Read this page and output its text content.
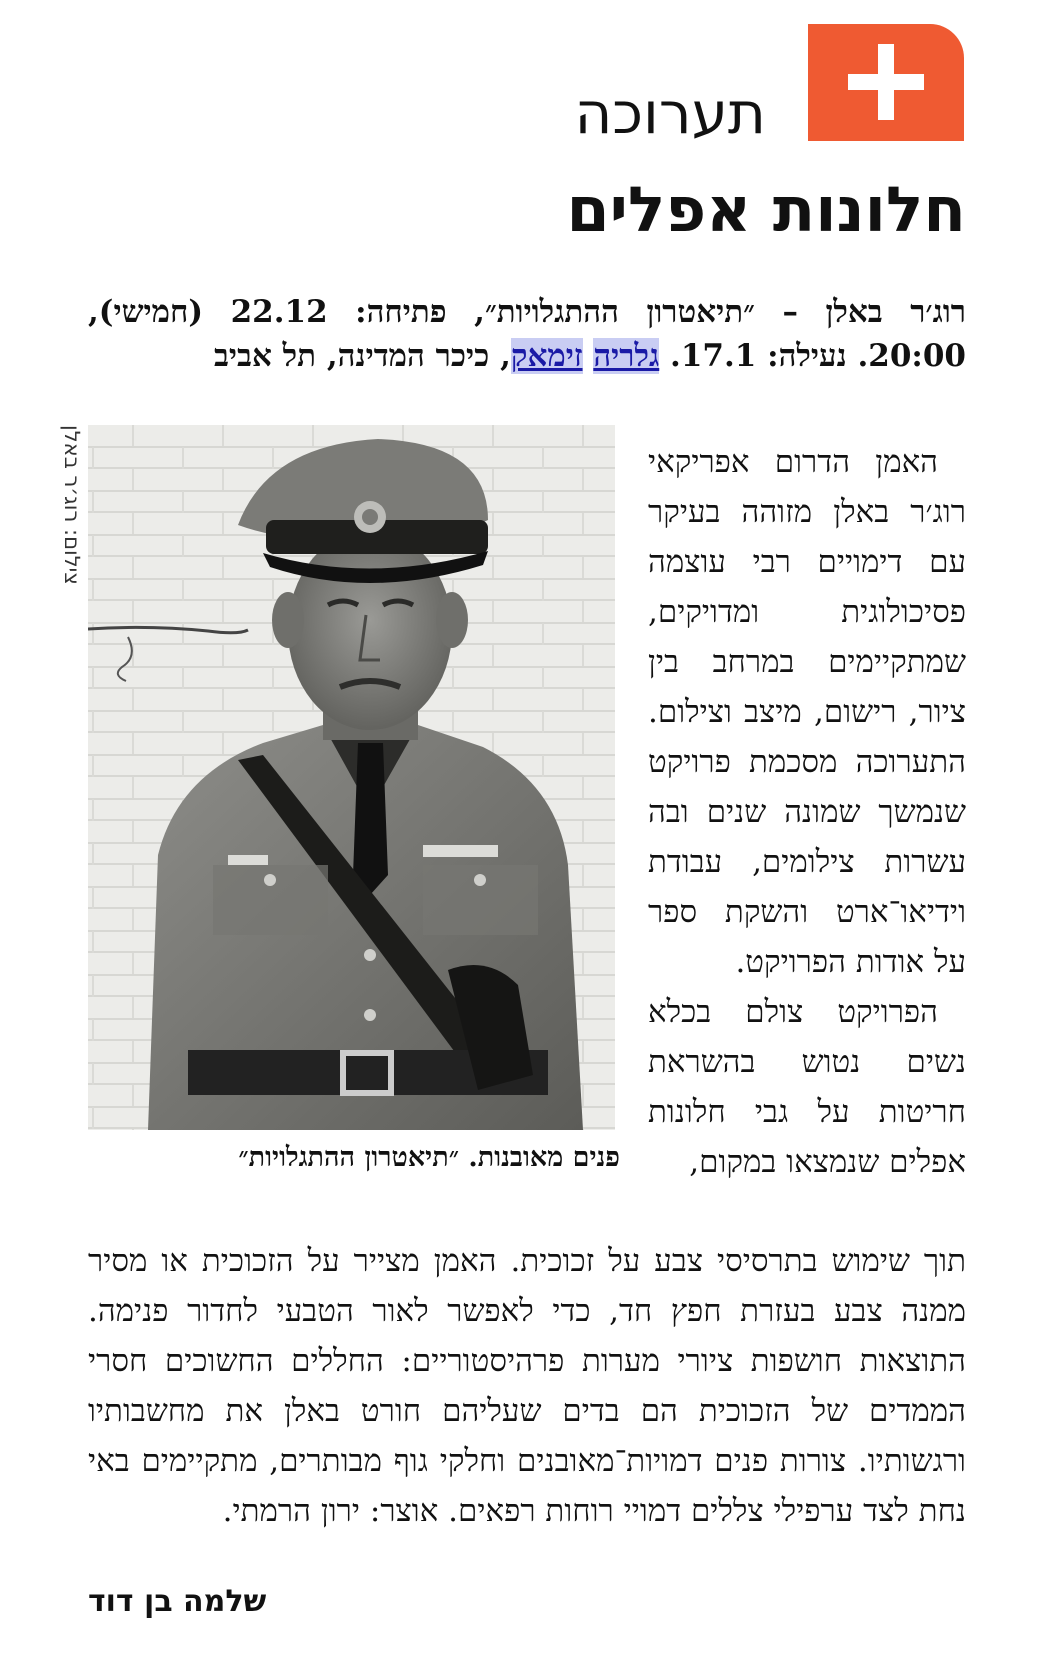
תערוכה
חלונות אפלים
רוג׳ר באלן – ״תיאטרון ההתגלויות״, פתיחה: 22.12 (חמישי), 20:00. נעילה: 17.1. גלריה זימאק, כיכר המדינה, תל אביב
צילום: רוג׳ר באלן
פנים מאובנות. ״תיאטרון ההתגלויות״

האמן הדרום אפריקאי רוג׳ר באלן מזוהה בעיקר עם דימויים רבי עוצמה פסיכולוגית ומדויקים, שמתקיימים במרחב בין ציור, רישום, מיצב וצילום. התערוכה מסכמת פרויקט שנמשך שמונה שנים ובה עשרות צילומים, עבודת וידיאו־ארט והשקת ספר על אודות הפרויקט.

הפרויקט צולם בכלא נשים נטוש בהשראת חריטות על גבי חלונות אפלים שנמצאו במקום,

תוך שימוש בתרסיסי צבע על זכוכית. האמן מצייר על הזכוכית או מסיר ממנה צבע בעזרת חפץ חד, כדי לאפשר לאור הטבעי לחדור פנימה. התוצאות חושפות ציורי מערות פרהיסטוריים: החללים החשוכים חסרי הממדים של הזכוכית הם בדים שעליהם חורט באלן את מחשבותיו ורגשותיו. צורות פנים דמויות־מאובנים וחלקי גוף מבותרים, מתקיימים באי נחת לצד ערפילי צללים דמויי רוחות רפאים. אוצר: ירון הרמתי.
שלמה בן דוד
